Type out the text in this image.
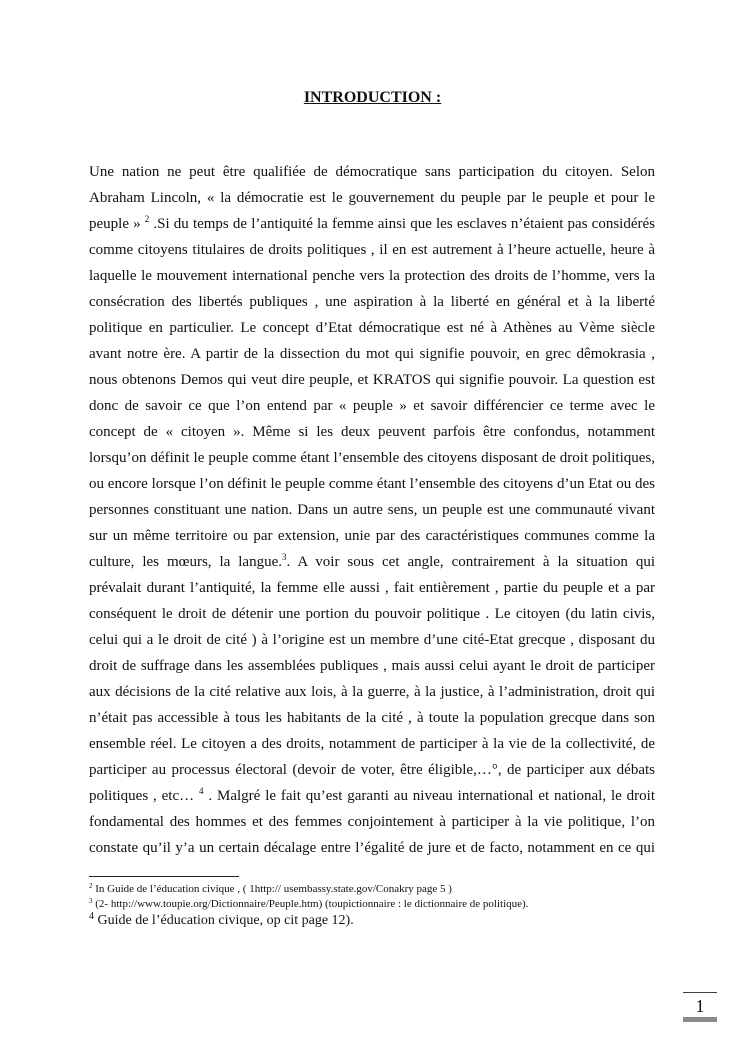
INTRODUCTION :
Une nation ne peut être qualifiée de démocratique sans participation du citoyen. Selon
Abraham Lincoln, « la démocratie est le gouvernement du peuple par le peuple et pour le
peuple » $^2$ .Si du temps de l’antiquité la femme ainsi que les esclaves n’étaient pas considérés
comme citoyens titulaires de droits politiques , il en est autrement à l’heure actuelle, heure à
laquelle le mouvement international penche vers la protection des droits de l’homme, vers la
consécration des libertés publiques , une aspiration à la liberté en général et à la liberté
politique en particulier. Le concept d’Etat démocratique est né à Athènes au Vème siècle
avant notre ère. A partir de la dissection du mot qui signifie pouvoir, en grec dêmokrasia ,
nous obtenons Demos qui veut dire peuple, et KRATOS qui signifie pouvoir. La question est
donc de savoir ce que l’on entend par « peuple » et savoir différencier ce terme avec le
concept de « citoyen ». Même si les deux peuvent parfois être confondus, notamment
lorsqu’on définit le peuple comme étant l’ensemble des citoyens disposant de droit politiques,
ou encore lorsque l’on définit le peuple comme étant l’ensemble des citoyens d’un Etat ou des
personnes constituant une nation. Dans un autre sens, un peuple est une communauté vivant
sur un même territoire ou par extension, unie par des caractéristiques communes comme la
culture, les mœurs, la langue.$^3$. A voir sous cet angle, contrairement à la situation qui
prévalait durant l’antiquité, la femme elle aussi , fait entièrement , partie du peuple et a par
conséquent le droit de détenir une portion du pouvoir politique . Le citoyen (du latin civis,
celui qui a le droit de cité ) à l’origine est un membre d’une cité-Etat grecque , disposant du
droit de suffrage dans les assemblées publiques , mais aussi celui ayant le droit de participer
aux décisions de la cité relative aux lois, à la guerre, à la justice, à l’administration, droit qui
n’était pas accessible à tous les habitants de la cité , à toute la population grecque dans son
ensemble réel. Le citoyen a des droits, notamment de participer à la vie de la collectivité, de
participer au processus électoral (devoir de voter, être éligible,…°, de participer aux débats
politiques , etc… $^4$ . Malgré le fait qu’est garanti au niveau international et national, le droit
fondamental des hommes et des femmes conjointement à participer à la vie politique, l’on
constate qu’il y’a un certain décalage entre l’égalité de jure et de facto, notamment en ce qui
$^2$ In Guide de l’éducation civique , ( 1http:// usembassy.state.gov/Conakry page 5 )
$^3$ (2- http://www.toupie.org/Dictionnaire/Peuple.htm) (toupictionnaire : le dictionnaire de politique).
$^4$ Guide de l’éducation civique, op cit page 12).
1
